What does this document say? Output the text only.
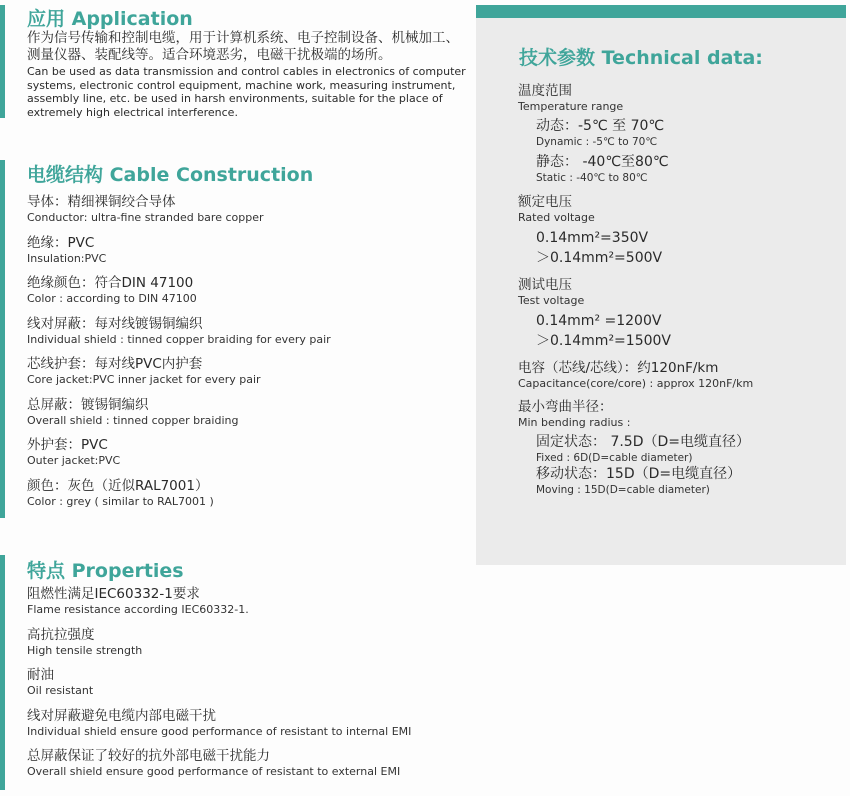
应用 Application
作为信号传输和控制电缆，用于计算机系统、电子控制设备、机械加工、测量仪器、装配线等。适合环境恶劣，电磁干扰极端的场所。
Can be used as data transmission and control cables in electronics of computer systems, electronic control equipment, machine work, measuring instrument, assembly line, etc. be used in harsh environments, suitable for the place of extremely high electrical interference.
电缆结构 Cable Construction
导体：精细裸铜绞合导体
Conductor: ultra-fine stranded bare copper
绝缘：PVC
Insulation:PVC
绝缘颜色：符合DIN 47100
Color : according to DIN 47100
线对屏蔽：每对线镀锡铜编织
Individual shield : tinned copper braiding for every pair
芯线护套：每对线PVC内护套
Core jacket:PVC inner jacket for every pair
总屏蔽：镀锡铜编织
Overall shield : tinned copper braiding
外护套：PVC
Outer jacket:PVC
颜色：灰色（近似RAL7001）
Color : grey ( similar to RAL7001 )
特点 Properties
阻燃性满足IEC60332-1要求
Flame resistance according IEC60332-1.
高抗拉强度
High tensile strength
耐油
Oil resistant
线对屏蔽避免电缆内部电磁干扰
Individual shield ensure good performance of resistant to internal EMI
总屏蔽保证了较好的抗外部电磁干扰能力
Overall shield ensure good performance of resistant to external EMI
技术参数 Technical data:
温度范围
Temperature range
动态：-5℃ 至 70℃
Dynamic : -5℃ to 70℃
静态： -40℃至80℃
Static : -40℃ to 80℃
额定电压
Rated voltage
0.14mm²=350V
＞0.14mm²=500V
测试电压
Test voltage
0.14mm² =1200V
＞0.14mm²=1500V
电容（芯线/芯线）：约120nF/km
Capacitance(core/core) : approx 120nF/km
最小弯曲半径：
Min bending radius :
固定状态： 7.5D（D=电缆直径）
Fixed : 6D(D=cable diameter)
移动状态：15D（D=电缆直径）
Moving : 15D(D=cable diameter)
